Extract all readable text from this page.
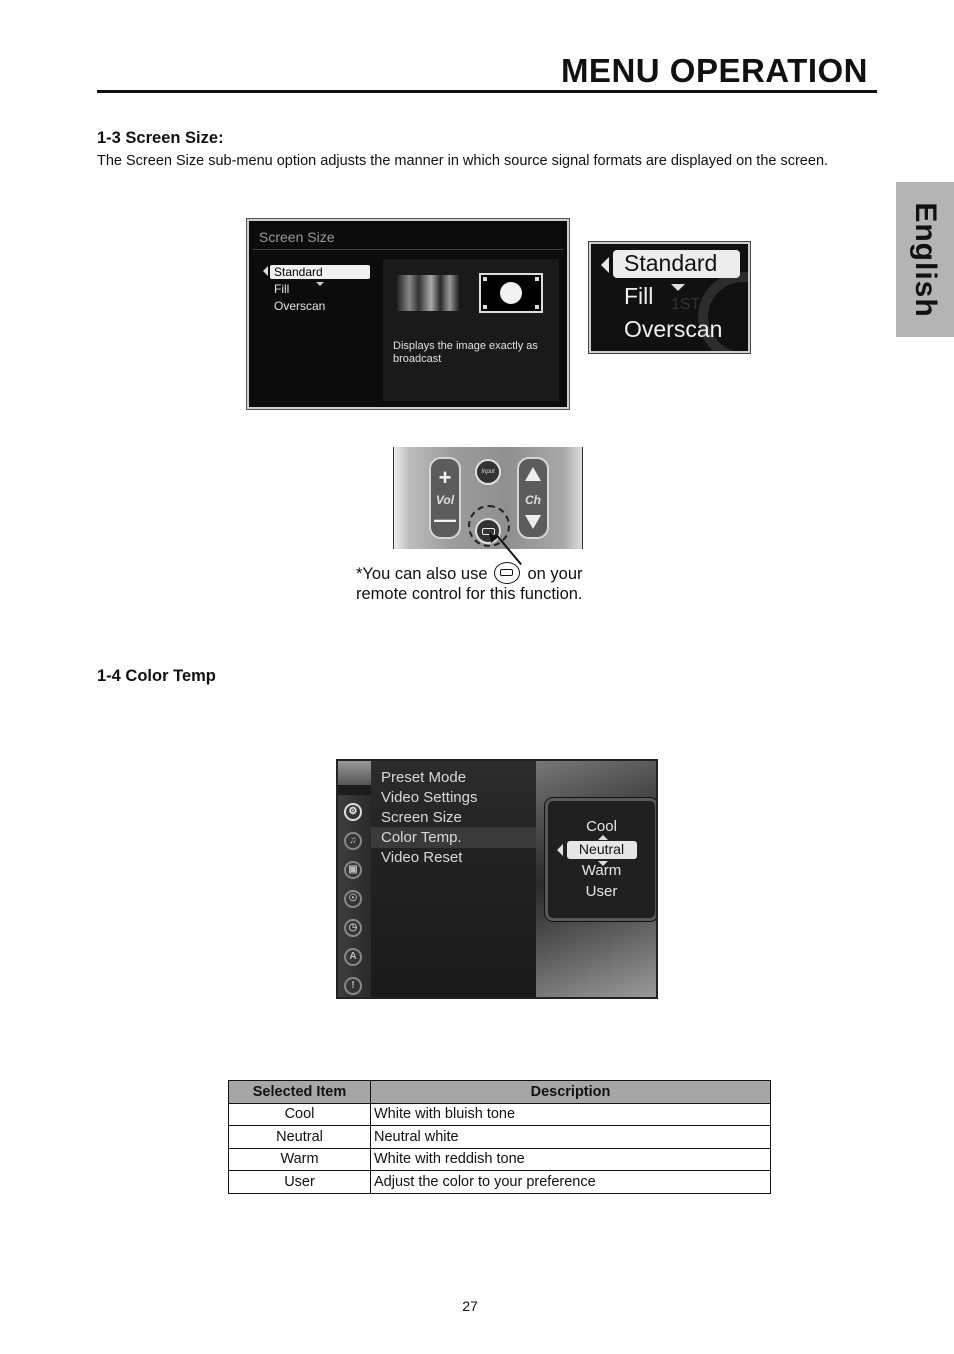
MENU OPERATION
English
1-3 Screen Size:
The Screen Size sub-menu option adjusts the manner in which source signal formats are displayed on the screen.
Screen Size
Standard
Fill
Overscan
Displays the image exactly as broadcast
1ST
Standard
Fill
Overscan
+
Vol
—
Input
Ch
*You can also use on your
remote control for this function.
1-4 Color Temp
⚙
♫
▣
☉
◷
A
!
Preset Mode
Video Settings
Screen Size
Color Temp.
Video Reset
Cool
Neutral
Warm
User
Selected Item	Description
Cool	White with bluish tone
Neutral	Neutral white
Warm	White with reddish tone
User	Adjust the color to your preference
27
